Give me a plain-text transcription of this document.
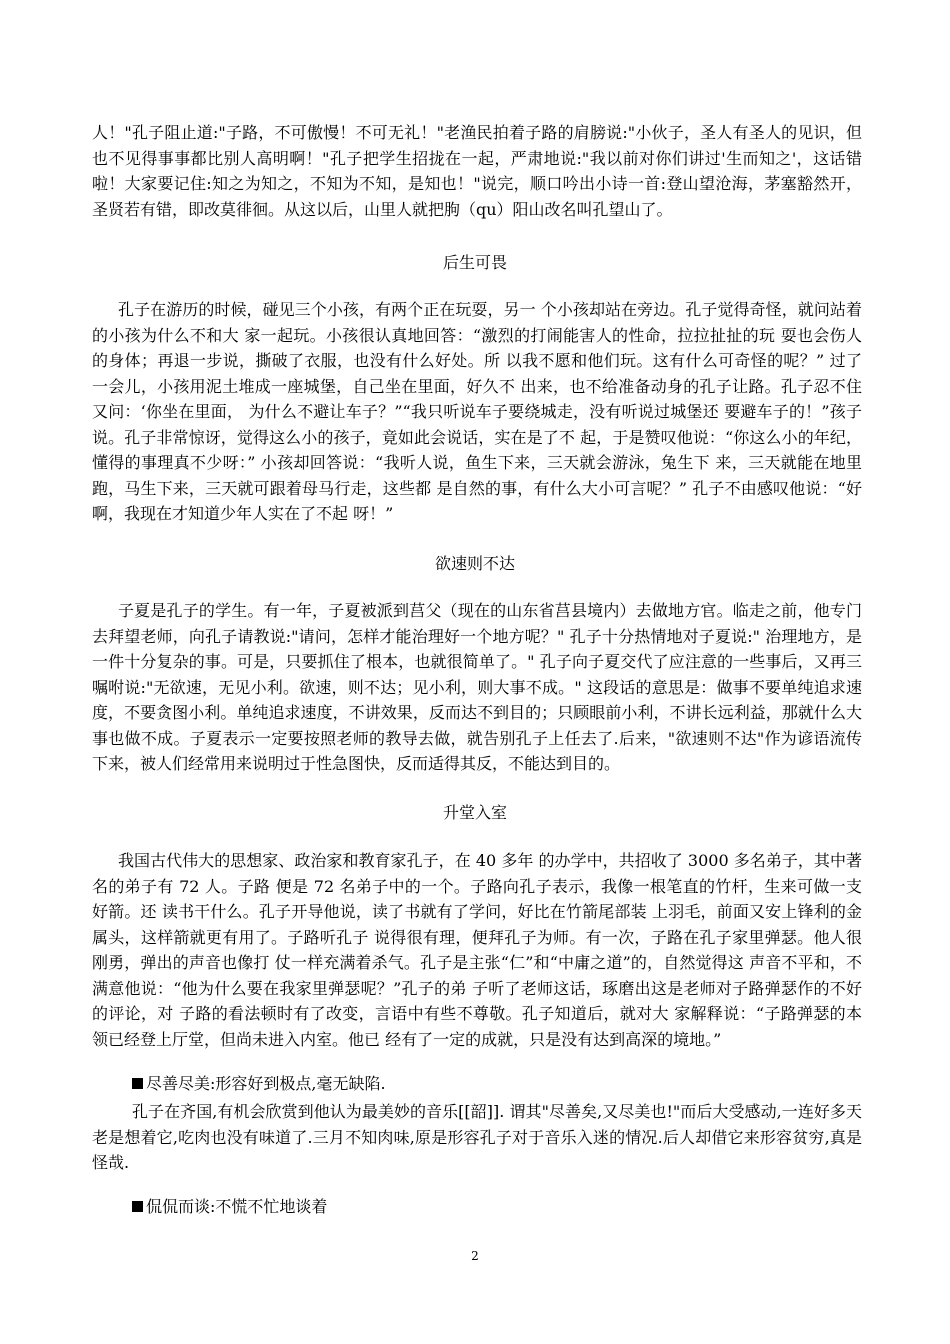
人！"孔子阻止道:"子路，不可傲慢！不可无礼！"老渔民拍着子路的肩膀说:"小伙子，圣人有圣人的见识，但也不见得事事都比别人高明啊！"孔子把学生招拢在一起，严肃地说:"我以前对你们讲过'生而知之'，这话错啦！大家要记住:知之为知之，不知为不知，是知也！"说完，顺口吟出小诗一首:登山望沧海，茅塞豁然开，圣贤若有错，即改莫徘徊。从这以后，山里人就把朐（qu）阳山改名叫孔望山了。

后生可畏

孔子在游历的时候，碰见三个小孩，有两个正在玩耍，另一 个小孩却站在旁边。孔子觉得奇怪，就问站着的小孩为什么不和大 家一起玩。小孩很认真地回答：“激烈的打闹能害人的性命，拉拉扯扯的玩 耍也会伤人的身体；再退一步说，撕破了衣服，也没有什么好处。所 以我不愿和他们玩。这有什么可奇怪的呢？” 过了一会儿，小孩用泥土堆成一座城堡，自己坐在里面，好久不 出来，也不给准备动身的孔子让路。孔子忍不住又问：‘你坐在里面， 为什么不避让车子？”“我只听说车子要绕城走，没有听说过城堡还 要避车子的！”孩子说。孔子非常惊讶，觉得这么小的孩子，竟如此会说话，实在是了不 起，于是赞叹他说：“你这么小的年纪，懂得的事理真不少呀：” 小孩却回答说：“我听人说，鱼生下来，三天就会游泳，兔生下 来，三天就能在地里跑，马生下来，三天就可跟着母马行走，这些都 是自然的事，有什么大小可言呢？” 孔子不由感叹他说：“好啊，我现在才知道少年人实在了不起 呀！”

欲速则不达

子夏是孔子的学生。有一年，子夏被派到莒父（现在的山东省莒县境内）去做地方官。临走之前，他专门去拜望老师，向孔子请教说:"请问，怎样才能治理好一个地方呢？" 孔子十分热情地对子夏说:" 治理地方，是一件十分复杂的事。可是，只要抓住了根本，也就很简单了。" 孔子向子夏交代了应注意的一些事后，又再三嘱咐说:"无欲速，无见小利。欲速，则不达；见小利，则大事不成。" 这段话的意思是：做事不要单纯追求速度，不要贪图小利。单纯追求速度，不讲效果，反而达不到目的；只顾眼前小利，不讲长远利益，那就什么大事也做不成。子夏表示一定要按照老师的教导去做，就告别孔子上任去了.后来，"欲速则不达"作为谚语流传下来，被人们经常用来说明过于性急图快，反而适得其反，不能达到目的。

升堂入室

我国古代伟大的思想家、政治家和教育家孔子，在 40 多年 的办学中，共招收了 3000 多名弟子，其中著名的弟子有 72 人。子路 便是 72 名弟子中的一个。子路向孔子表示，我像一根笔直的竹杆，生来可做一支好箭。还 读书干什么。孔子开导他说，读了书就有了学问，好比在竹箭尾部装 上羽毛，前面又安上锋利的金属头，这样箭就更有用了。子路听孔子 说得很有理，便拜孔子为师。有一次，子路在孔子家里弹瑟。他人很刚勇，弹出的声音也像打 仗一样充满着杀气。孔子是主张“仁”和“中庸之道”的，自然觉得这 声音不平和，不满意他说：“他为什么要在我家里弹瑟呢？”孔子的弟 子听了老师这话，琢磨出这是老师对子路弹瑟作的不好的评论，对 子路的看法顿时有了改变，言语中有些不尊敬。孔子知道后，就对大 家解释说：“子路弹瑟的本领已经登上厅堂，但尚未进入内室。他已 经有了一定的成就，只是没有达到高深的境地。”

尽善尽美:形容好到极点,毫无缺陷.

孔子在齐国,有机会欣赏到他认为最美妙的音乐[[韶]]. 谓其"尽善矣,又尽美也!"而后大受感动,一连好多天老是想着它,吃肉也没有味道了.三月不知肉味,原是形容孔子对于音乐入迷的情况.后人却借它来形容贫穷,真是怪哉.

侃侃而谈:不慌不忙地谈着

2
